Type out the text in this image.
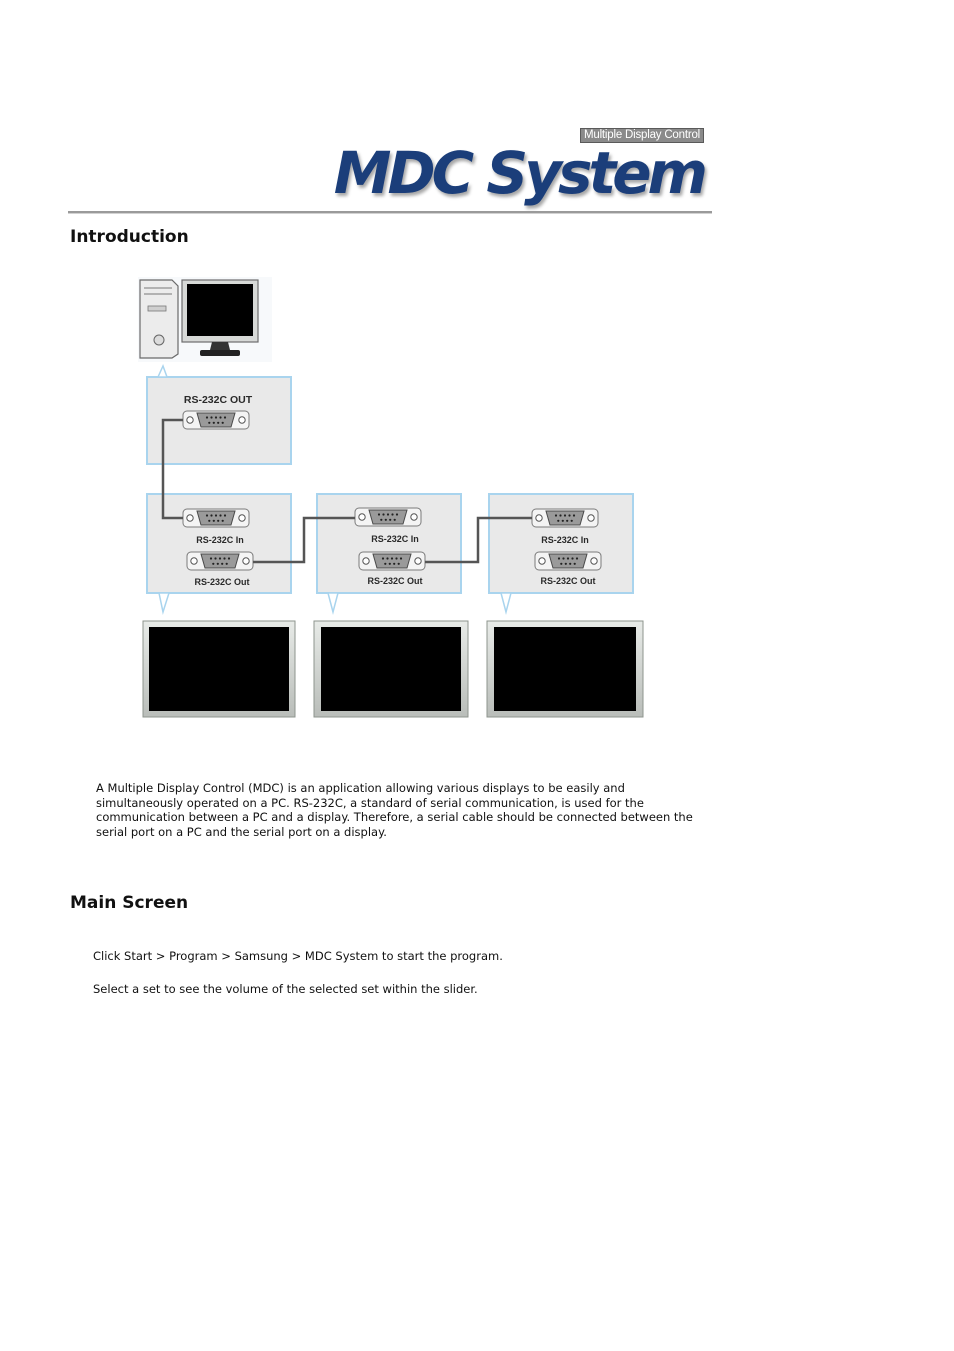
Multiple Display Control
MDC System
Introduction
RS-232C OUT
RS-232C In
RS-232C Out
RS-232C In
RS-232C Out
RS-232C In
RS-232C Out

A Multiple Display Control (MDC) is an application allowing various displays to be easily and simultaneously operated on a PC. RS-232C, a standard of serial communication, is used for the communication between a PC and a display. Therefore, a serial cable should be connected between the serial port on a PC and the serial port on a display.

Main Screen

Click Start > Program > Samsung > MDC System to start the program.

Select a set to see the volume of the selected set within the slider.
